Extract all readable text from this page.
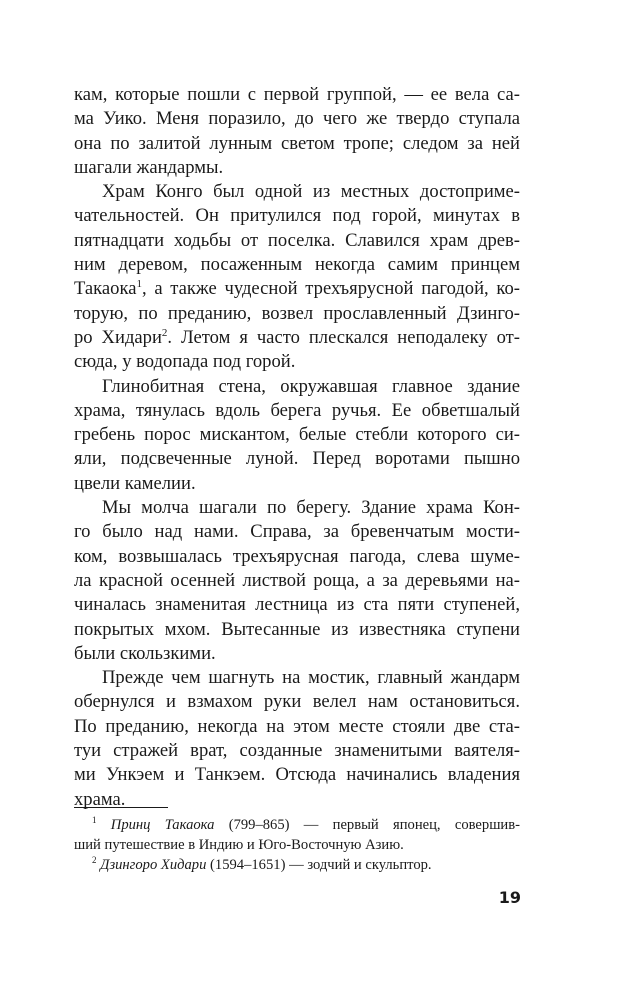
кам, которые пошли с первой группой, — ее вела са-
ма Уико. Меня поразило, до чего же твердо ступала
она по залитой лунным светом тропе; следом за ней
шагали жандармы.
Храм Конго был одной из местных достоприме-
чательностей. Он притулился под горой, минутах в
пятнадцати ходьбы от поселка. Славился храм древ-
ним деревом, посаженным некогда самим принцем
Такаока$^1$, а также чудесной трехъярусной пагодой, ко-
торую, по преданию, возвел прославленный Дзинго-
ро Хидари$^2$. Летом я часто плескался неподалеку от-
сюда, у водопада под горой.
Глинобитная стена, окружавшая главное здание
храма, тянулась вдоль берега ручья. Ее обветшалый
гребень порос мискантом, белые стебли которого си-
яли, подсвеченные луной. Перед воротами пышно
цвели камелии.
Мы молча шагали по берегу. Здание храма Кон-
го было над нами. Справа, за бревенчатым мости-
ком, возвышалась трехъярусная пагода, слева шуме-
ла красной осенней листвой роща, а за деревьями на-
чиналась знаменитая лестница из ста пяти ступеней,
покрытых мхом. Вытесанные из известняка ступени
были скользкими.
Прежде чем шагнуть на мостик, главный жандарм
обернулся и взмахом руки велел нам остановиться.
По преданию, некогда на этом месте стояли две ста-
туи стражей врат, созданные знаменитыми ваятеля-
ми Ункэем и Танкэем. Отсюда начинались владения
храма.
$^1$ Принц Такаока (799–865) — первый японец, совершив-
ший путешествие в Индию и Юго-Восточную Азию.
$^2$ Дзингоро Хидари (1594–1651) — зодчий и скульптор.
19
